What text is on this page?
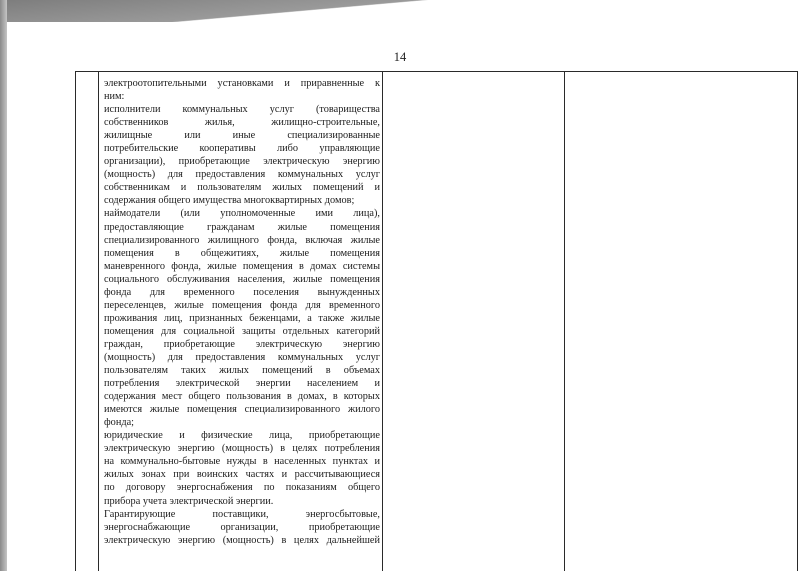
14
электроотопительными установками и приравненные к
ним:
исполнители коммунальных услуг (товарищества
собственников жилья, жилищно-строительные,
жилищные или иные специализированные
потребительские кооперативы либо управляющие
организации), приобретающие электрическую энергию
(мощность) для предоставления коммунальных услуг
собственникам и пользователям жилых помещений и
содержания общего имущества многоквартирных домов;
наймодатели (или уполномоченные ими лица),
предоставляющие гражданам жилые помещения
специализированного жилищного фонда, включая жилые
помещения в общежитиях, жилые помещения
маневренного фонда, жилые помещения в домах системы
социального обслуживания населения, жилые помещения
фонда для временного поселения вынужденных
переселенцев, жилые помещения фонда для временного
проживания лиц, признанных беженцами, а также жилые
помещения для социальной защиты отдельных категорий
граждан, приобретающие электрическую энергию
(мощность) для предоставления коммунальных услуг
пользователям таких жилых помещений в объемах
потребления электрической энергии населением и
содержания мест общего пользования в домах, в которых
имеются жилые помещения специализированного жилого
фонда;
юридические и физические лица, приобретающие
электрическую энергию (мощность) в целях потребления
на коммунально-бытовые нужды в населенных пунктах и
жилых зонах при воинских частях и рассчитывающиеся
по договору энергоснабжения по показаниям общего
прибора учета электрической энергии.
Гарантирующие поставщики, энергосбытовые,
энергоснабжающие организации, приобретающие
электрическую энергию (мощность) в целях дальнейшей
